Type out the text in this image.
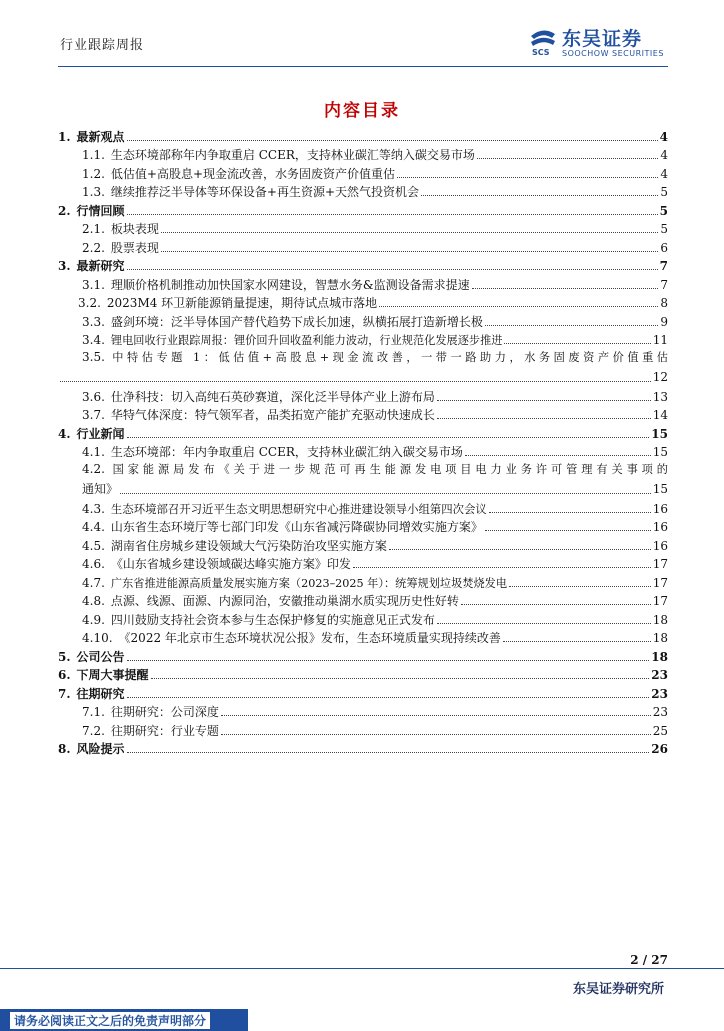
行业跟踪周报	SCS
东吴证券
SOOCHOW SECURITIES
内容目录
1. 最新观点	4
1.1. 生态环境部称年内争取重启 CCER，支持林业碳汇等纳入碳交易市场	4
1.2. 低估值+高股息+现金流改善，水务固废资产价值重估	4
1.3. 继续推荐泛半导体等环保设备+再生资源+天然气投资机会	5
2. 行情回顾	5
2.1. 板块表现	5
2.2. 股票表现	6
3. 最新研究	7
3.1. 理顺价格机制推动加快国家水网建设，智慧水务&监测设备需求提速	7
3.2. 2023M4 环卫新能源销量提速，期待试点城市落地	8
3.3. 盛剑环境：泛半导体国产替代趋势下成长加速，纵横拓展打造新增长极	9
3.4. 锂电回收行业跟踪周报：锂价回升回收盈利能力波动，行业规范化发展逐步推进	11
3.5. 中特估专题 1：低估值+高股息+现金流改善，一带一路助力，水务固废资产价值重估
12
3.6. 仕净科技：切入高纯石英砂赛道，深化泛半导体产业上游布局	13
3.7. 华特气体深度：特气领军者，品类拓宽产能扩充驱动快速成长	14
4. 行业新闻	15
4.1. 生态环境部：年内争取重启 CCER，支持林业碳汇纳入碳交易市场	15
4.2. 国家能源局发布《关于进一步规范可再生能源发电项目电力业务许可管理有关事项的
通知》	15
4.3. 生态环境部召开习近平生态文明思想研究中心推进建设领导小组第四次会议	16
4.4. 山东省生态环境厅等七部门印发《山东省减污降碳协同增效实施方案》	16
4.5. 湖南省住房城乡建设领域大气污染防治攻坚实施方案	16
4.6. 《山东省城乡建设领域碳达峰实施方案》印发	17
4.7. 广东省推进能源高质量发展实施方案（2023–2025 年）：统筹规划垃圾焚烧发电	17
4.8. 点源、线源、面源、内源同治，安徽推动巢湖水质实现历史性好转	17
4.9. 四川鼓励支持社会资本参与生态保护修复的实施意见正式发布	18
4.10. 《2022 年北京市生态环境状况公报》发布，生态环境质量实现持续改善	18
5. 公司公告	18
6. 下周大事提醒	23
7. 往期研究	23
7.1. 往期研究：公司深度	23
7.2. 往期研究：行业专题	25
8. 风险提示	26
2 / 27
东吴证券研究所
请务必阅读正文之后的免责声明部分
